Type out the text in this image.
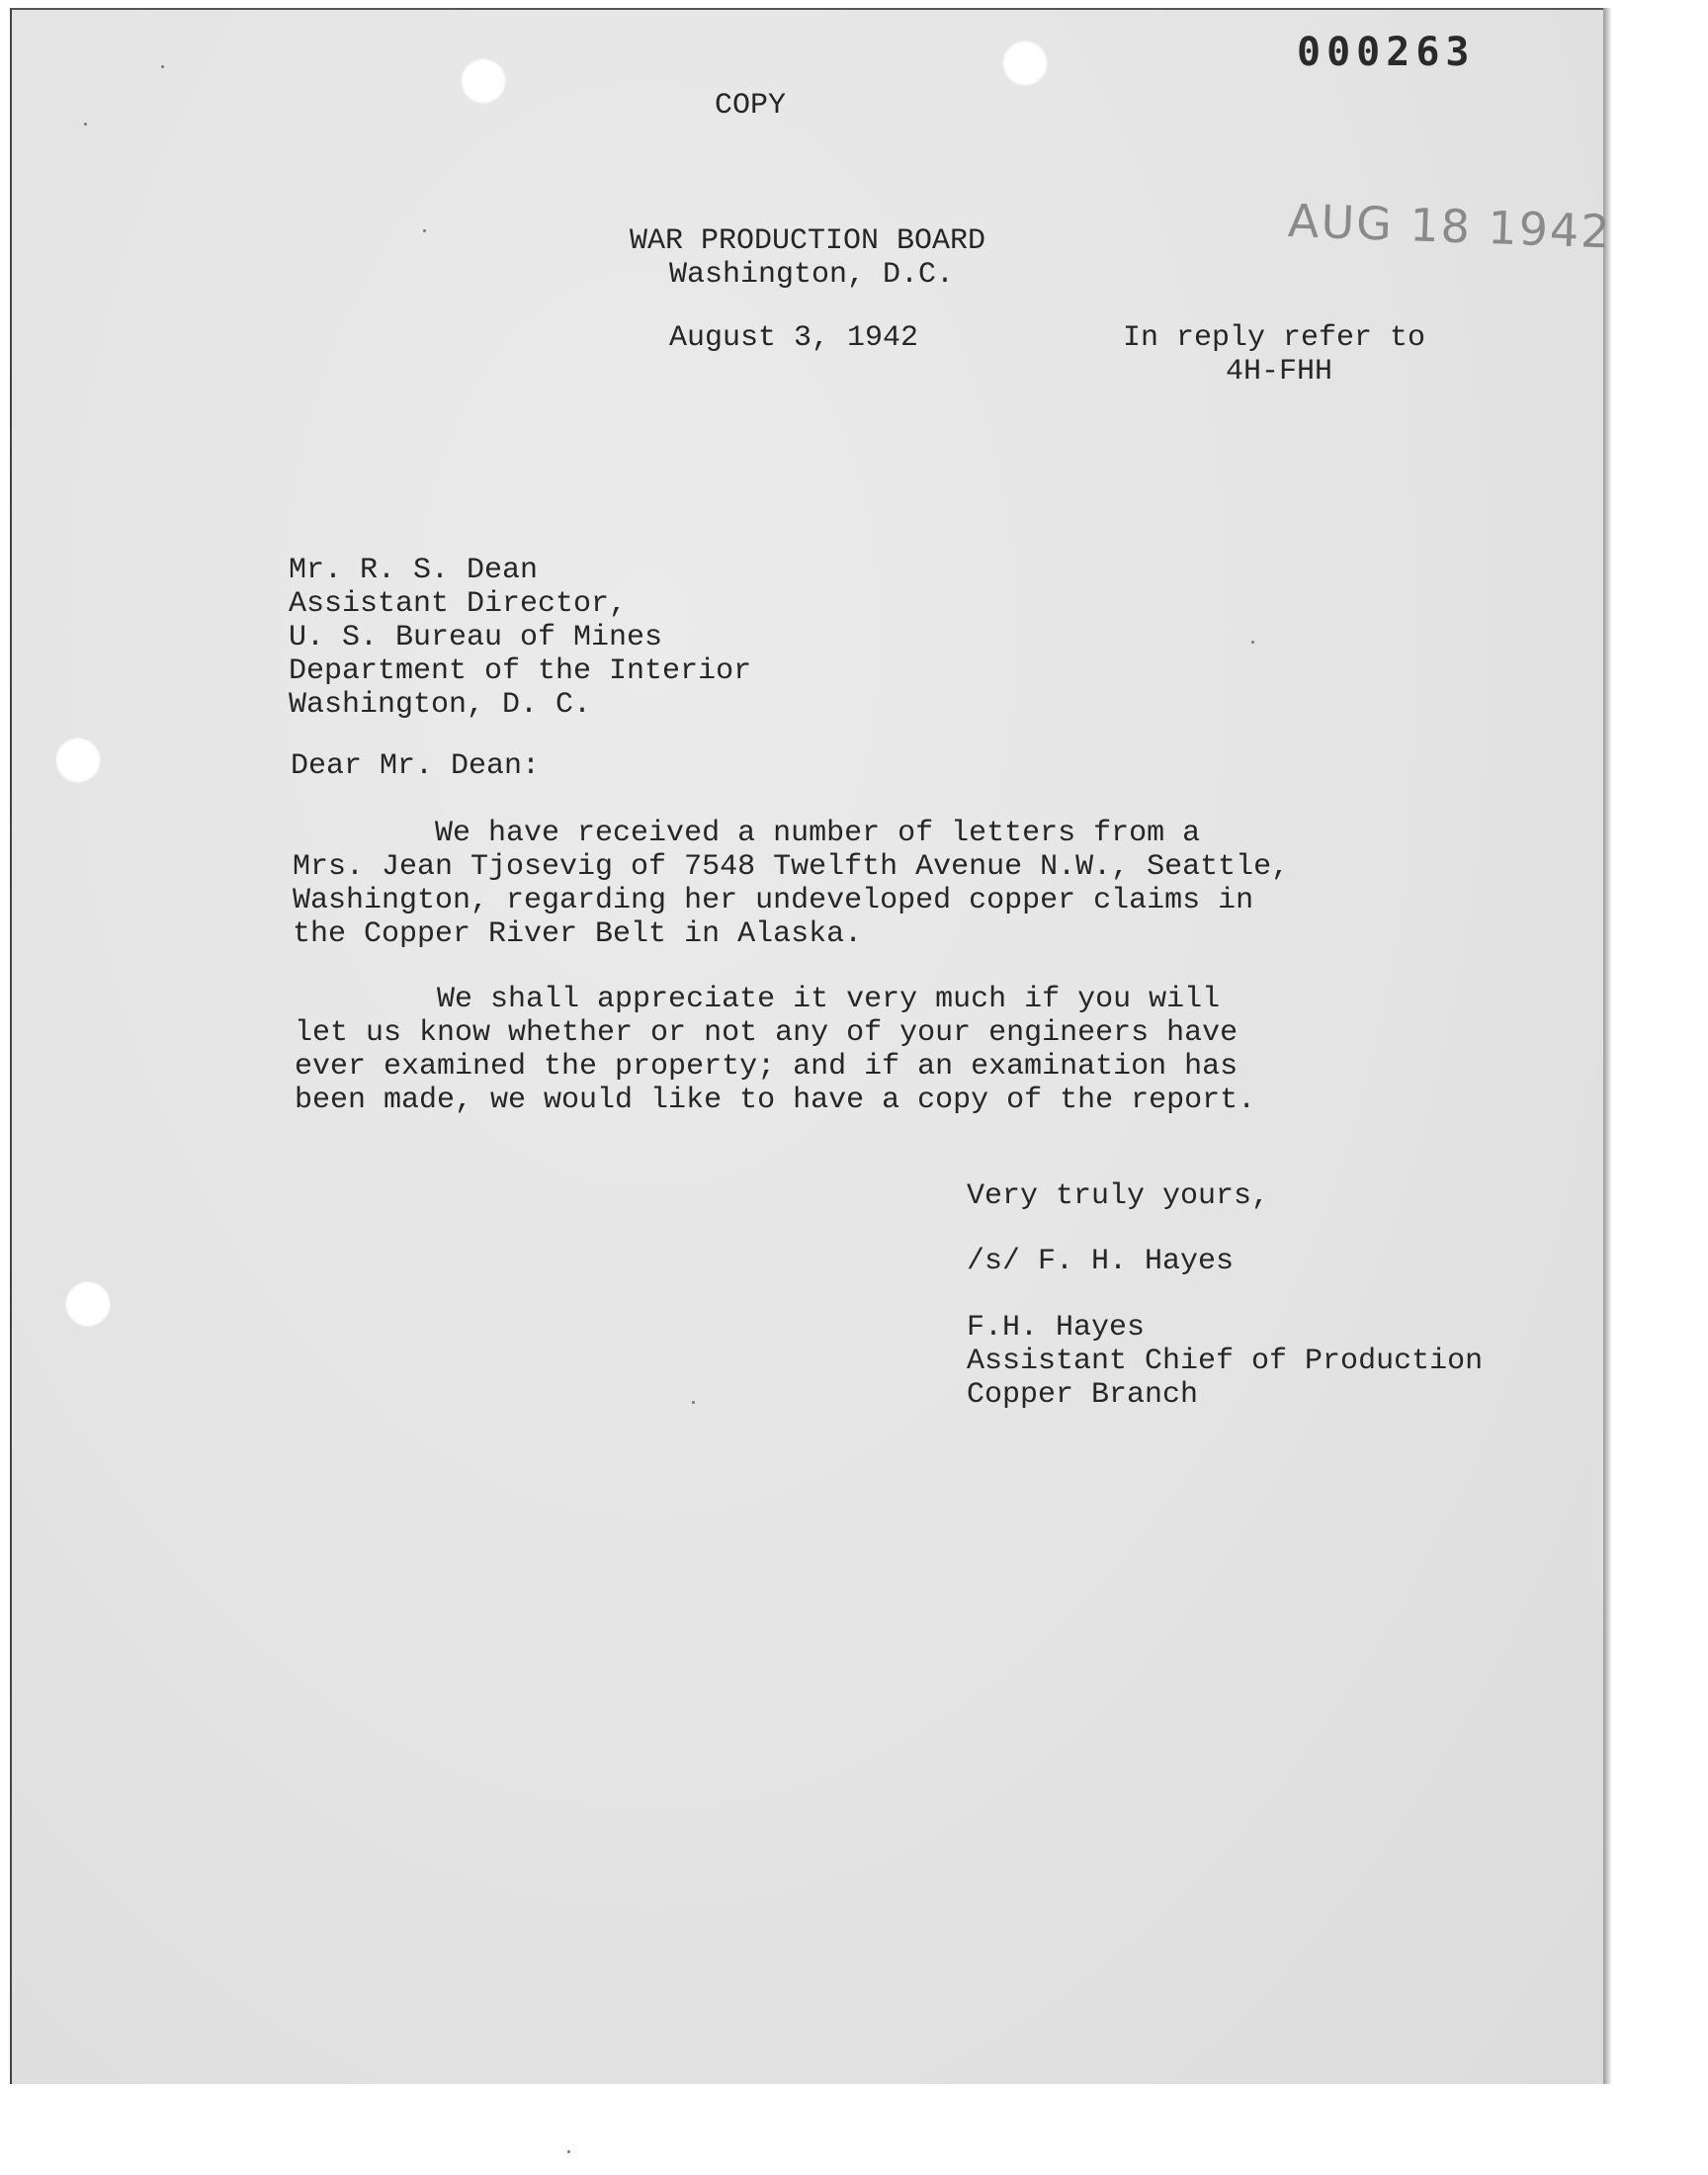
000263
COPY
WAR PRODUCTION BOARD
Washington, D.C.
AUG 18 1942
August 3, 1942	In reply refer to
4H-FHH
Mr. R. S. Dean
Assistant Director,
U. S. Bureau of Mines
Department of the Interior
Washington, D. C.
Dear Mr. Dean:
We have received a number of letters from a
Mrs. Jean Tjosevig of 7548 Twelfth Avenue N.W., Seattle,
Washington, regarding her undeveloped copper claims in
the Copper River Belt in Alaska.
We shall appreciate it very much if you will
let us know whether or not any of your engineers have
ever examined the property; and if an examination has
been made, we would like to have a copy of the report.
Very truly yours,
/s/ F. H. Hayes
F.H. Hayes
Assistant Chief of Production
Copper Branch
